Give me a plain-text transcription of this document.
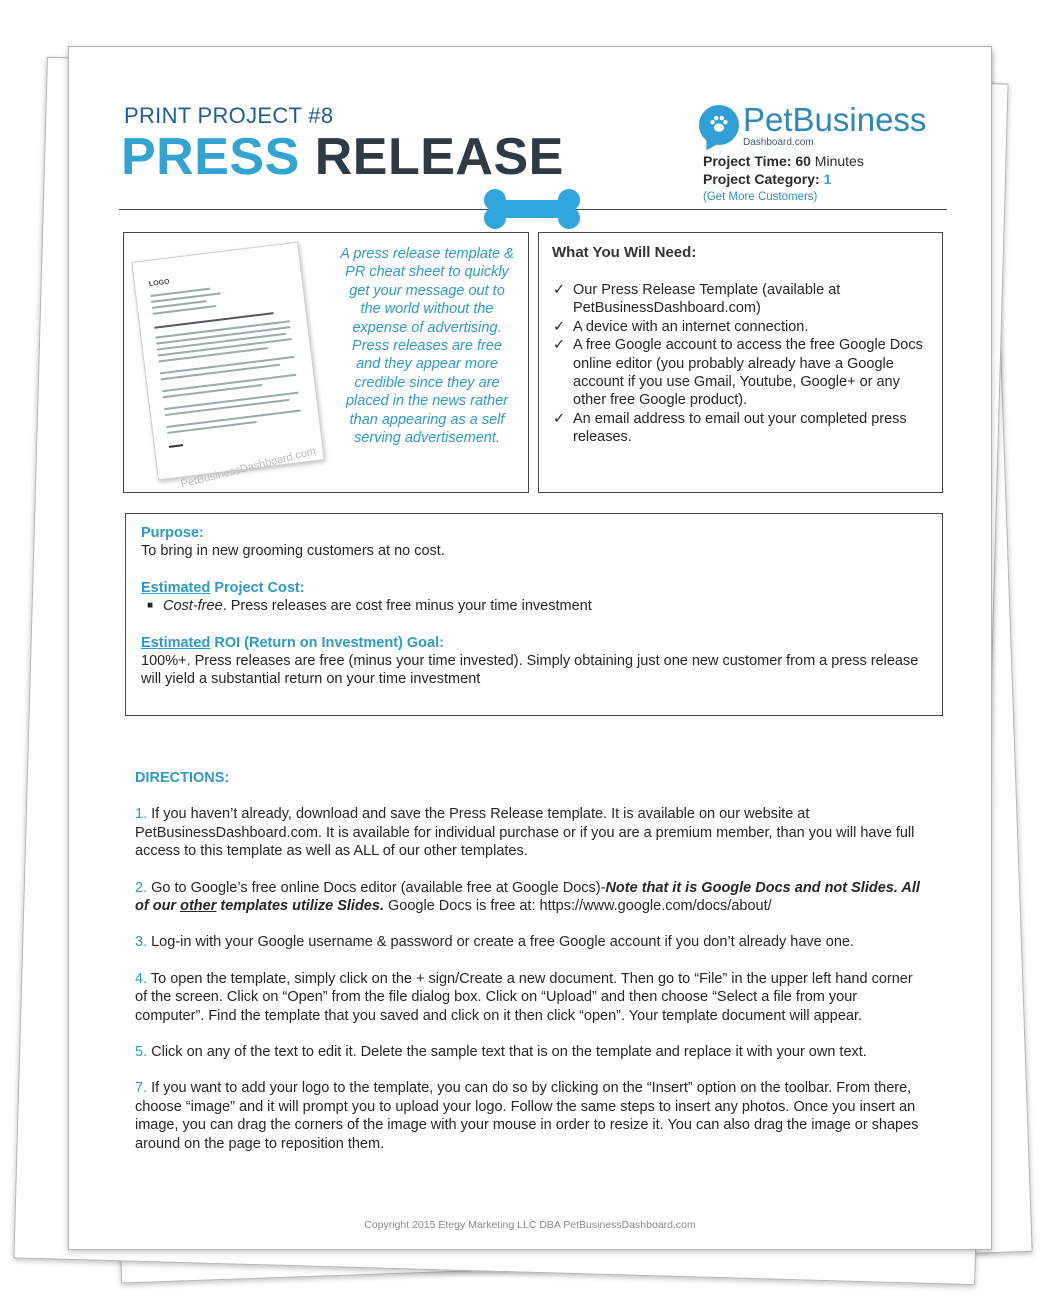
PRINT PROJECT #8
PRESS RELEASE
PetBusiness
Dashboard.com
Project Time: 60 Minutes
Project Category: 1
(Get More Customers)
LOGO
PetBusinessDashboard.com
A press release template & PR cheat sheet to quickly get your message out to the world without the expense of advertising. Press releases are free and they appear more credible since they are placed in the news rather than appearing as a self serving advertisement.
What You Will Need:
✓ Our Press Release Template (available at PetBusinessDashboard.com)
✓ A device with an internet connection.
✓ A free Google account to access the free Google Docs online editor (you probably already have a Google account if you use Gmail, Youtube, Google+ or any other free Google product).
✓ An email address to email out your completed press releases.
Purpose:
To bring in new grooming customers at no cost.
Estimated Project Cost:
■ Cost-free. Press releases are cost free minus your time investment
Estimated ROI (Return on Investment) Goal:
100%+. Press releases are free (minus your time invested). Simply obtaining just one new customer from a press release will yield a substantial return on your time investment
DIRECTIONS:
1. If you haven’t already, download and save the Press Release template. It is available on our website at PetBusinessDashboard.com. It is available for individual purchase or if you are a premium member, than you will have full access to this template as well as ALL of our other templates.
2. Go to Google’s free online Docs editor (available free at Google Docs)-Note that it is Google Docs and not Slides. All of our other templates utilize Slides. Google Docs is free at: https://www.google.com/docs/about/
3. Log-in with your Google username & password or create a free Google account if you don’t already have one.
4. To open the template, simply click on the + sign/Create a new document. Then go to “File” in the upper left hand corner of the screen. Click on “Open” from the file dialog box. Click on “Upload” and then choose “Select a file from your computer”. Find the template that you saved and click on it then click “open”. Your template document will appear.
5. Click on any of the text to edit it. Delete the sample text that is on the template and replace it with your own text.
7. If you want to add your logo to the template, you can do so by clicking on the “Insert” option on the toolbar. From there, choose “image” and it will prompt you to upload your logo. Follow the same steps to insert any photos. Once you insert an image, you can drag the corners of the image with your mouse in order to resize it. You can also drag the image or shapes around on the page to reposition them.
Copyright 2015 Etegy Marketing LLC DBA PetBusinessDashboard.com
